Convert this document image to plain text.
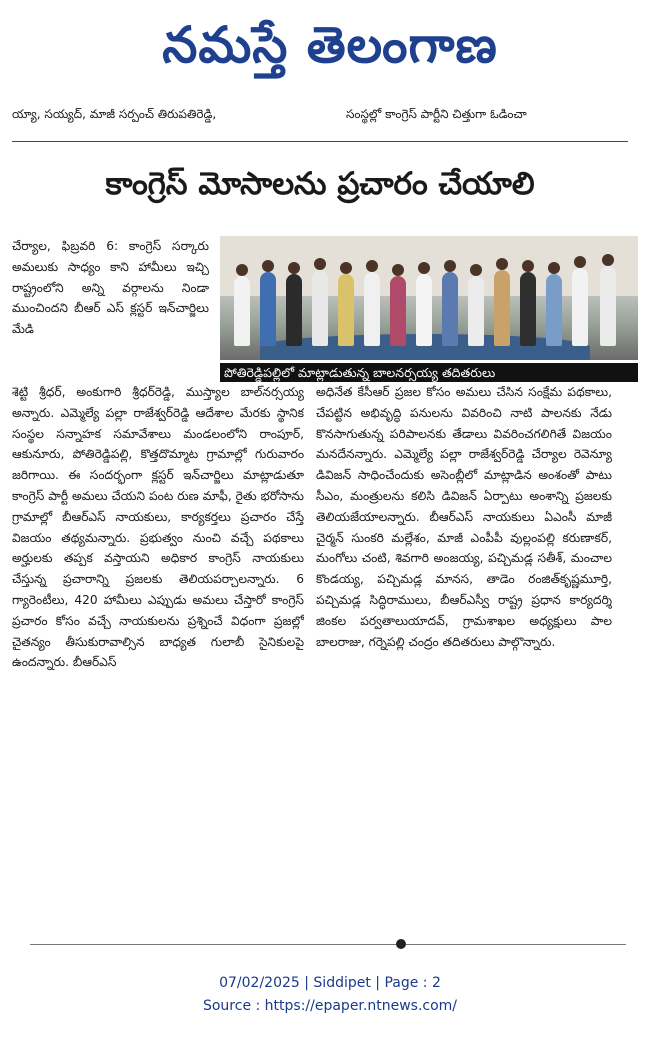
నమస్తే తెలంగాణ
య్యా, సయ్యద్‌, మాజీ సర్పంచ్‌ తిరుపతిరెడ్డి,	సంస్థల్లో కాంగ్రెస్‌ పార్టీని చిత్తుగా ఓడించా
కాంగ్రెస్‌ మోసాలను ప్రచారం చేయాలి
చేర్యాల, ఫిబ్రవరి 6: కాంగ్రెస్‌ సర్కారు అమలుకు సాధ్యం కాని హామీలు ఇచ్చి రాష్ట్రంలోని అన్ని వర్గాలను నిండా ముంచిందని బీఆర్‌ ఎస్‌ క్లస్టర్‌ ఇన్‌చార్జిలు మేడి
పోతిరెడ్డిపల్లిలో మాట్లాడుతున్న బాలనర్సయ్య తదితరులు
శెట్టి శ్రీధర్‌, అంకుగారి శ్రీధర్‌రెడ్డి, ముస్త్యాల బాల్‌నర్సయ్య అన్నారు. ఎమ్మెల్యే పల్లా రాజేశ్వర్‌రెడ్డి ఆదేశాల మేరకు స్థానిక సంస్థల సన్నాహక సమావేశాలు మండలంలోని రాంపూర్‌, ఆకునూరు, పోతిరెడ్డిపల్లి, కొత్తదొమ్మాట గ్రామాల్లో గురువారం జరిగాయి. ఈ సందర్భంగా క్లస్టర్‌ ఇన్‌చార్జిలు మాట్లాడుతూ కాంగ్రెస్‌ పార్టీ అమలు చేయని పంట రుణ మాఫీ, రైతు భరోసాను గ్రామాల్లో బీఆర్‌ఎస్‌ నాయకులు, కార్యకర్తలు ప్రచారం చేస్తే విజయం తథ్యమన్నారు. ప్రభుత్వం నుంచి వచ్చే పథకాలు అర్హులకు తప్పక వస్తాయని అధికార కాంగ్రెస్‌ నాయకులు చేస్తున్న ప్రచారాన్ని ప్రజలకు తెలియపర్చాలన్నారు. 6 గ్యారెంటీలు, 420 హామీలు ఎప్పుడు అమలు చేస్తారో కాంగ్రెస్‌ ప్రచారం కోసం వచ్చే నాయకులను ప్రశ్నించే విధంగా ప్రజల్లో చైతన్యం తీసుకురావాల్సిన బాధ్యత గులాబీ సైనికులపై ఉందన్నారు. బీఆర్‌ఎస్‌
అధినేత కేసీఆర్‌ ప్రజల కోసం అమలు చేసిన సంక్షేమ పథకాలు, చేపట్టిన అభివృద్ధి పనులను వివరించి నాటి పాలనకు నేడు కొనసాగుతున్న పరిపాలనకు తేడాలు వివరించగలిగితే విజయం మనదేనన్నారు. ఎమ్మెల్యే పల్లా రాజేశ్వర్‌రెడ్డి చేర్యాల రెవెన్యూ డివిజన్‌ సాధించేందుకు అసెంబ్లీలో మాట్లాడిన అంశంతో పాటు సీఎం, మంత్రులను కలిసి డివిజన్‌ ఏర్పాటు అంశాన్ని ప్రజలకు తెలియజేయాలన్నారు. బీఆర్‌ఎస్‌ నాయకులు ఏఎంసీ మాజీ చైర్మన్‌ సుంకరి మల్లేశం, మాజీ ఎంపీపీ వుల్లంపల్లి కరుణాకర్‌, మంగోలు చంటి, శివగారి అంజయ్య, పచ్చిమడ్ల సతీశ్‌, మంచాల కొండయ్య, పచ్చిమడ్ల మానస, తాడెం రంజిత్‌కృష్ణమూర్తి, పచ్చిమడ్ల సిద్ధిరాములు, బీఆర్‌ఎస్వీ రాష్ట్ర ప్రధాన కార్యదర్శి జింకల పర్వతాలుయాదవ్‌, గ్రామశాఖల అధ్యక్షులు పాల బాలరాజు, గర్నెపల్లి చంద్రం తదితరులు పాల్గొన్నారు.
07/02/2025 | Siddipet | Page : 2
Source : https://epaper.ntnews.com/
